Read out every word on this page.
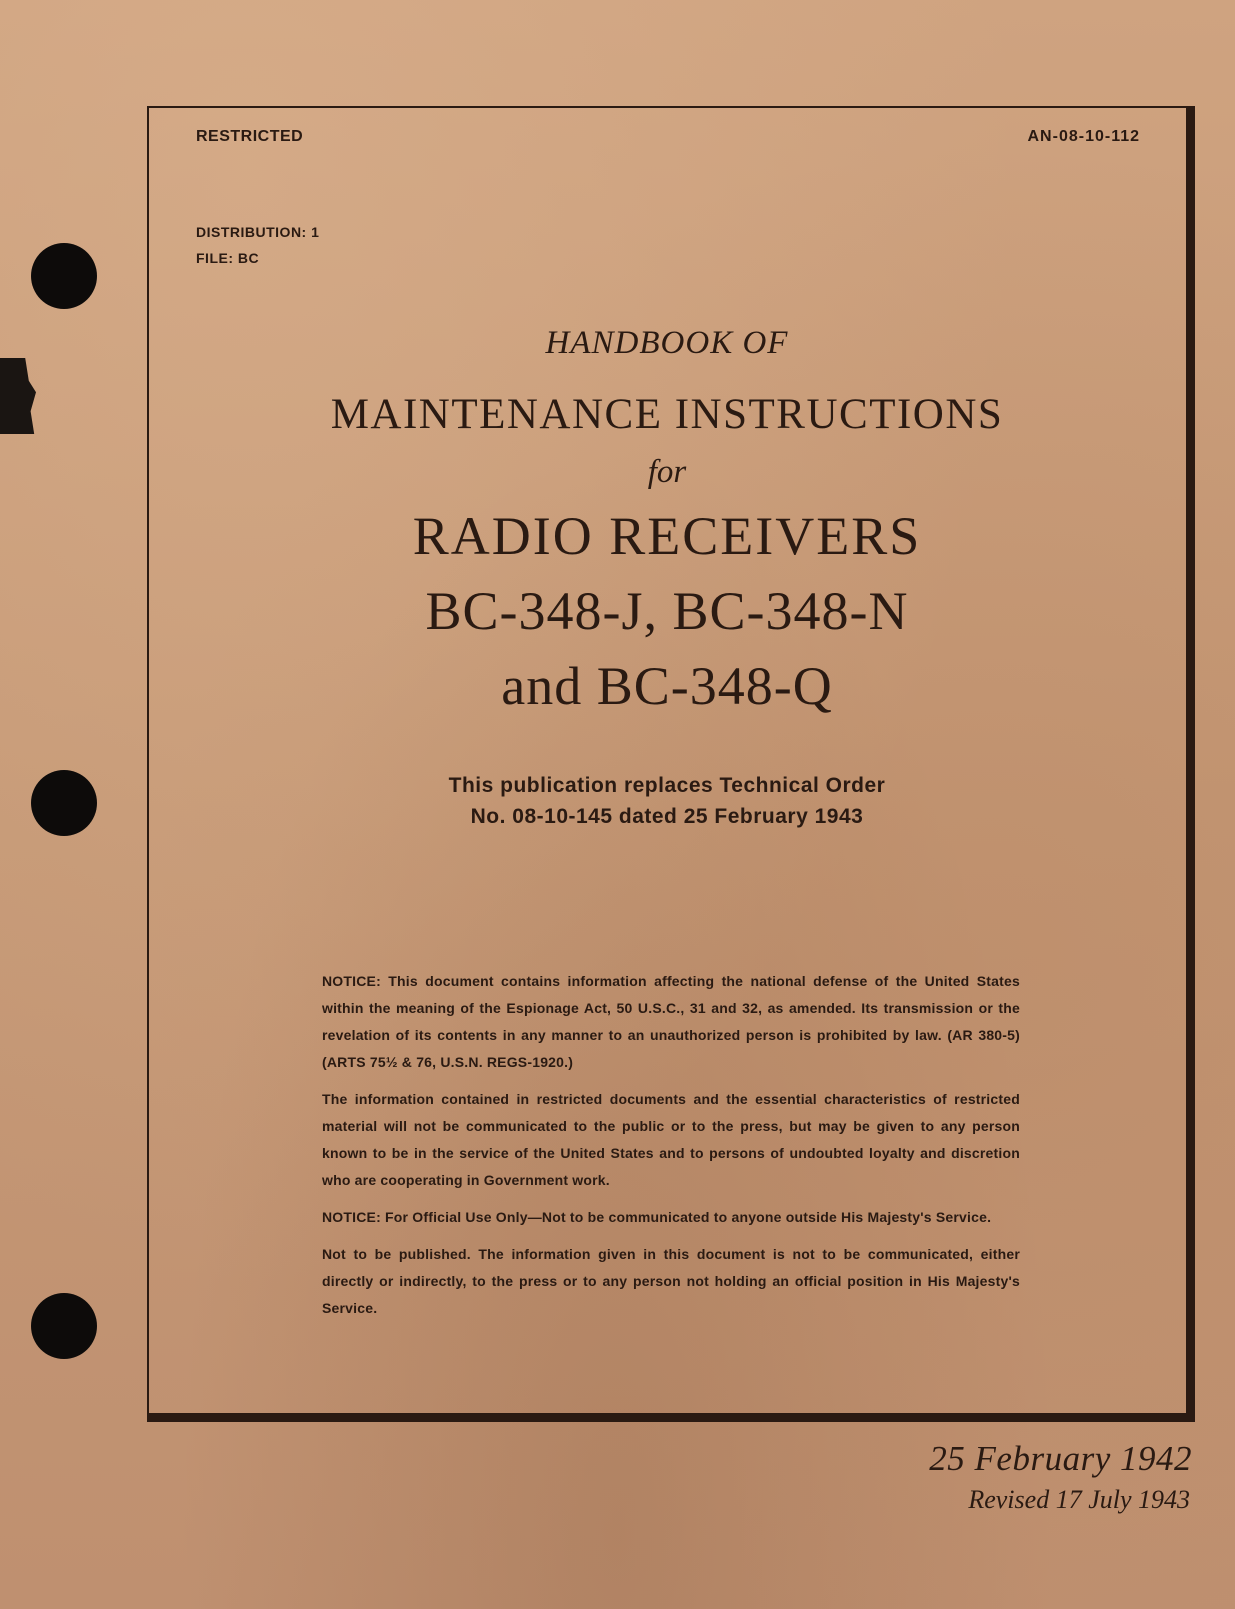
RESTRICTED	AN-08-10-112
DISTRIBUTION: 1
FILE: BC
HANDBOOK OF
MAINTENANCE INSTRUCTIONS
for
RADIO RECEIVERS
BC-348-J, BC-348-N
and BC-348-Q
This publication replaces Technical Order
No. 08-10-145 dated 25 February 1943

NOTICE: This document contains information affecting the national defense of the United States within the meaning of the Espionage Act, 50 U.S.C., 31 and 32, as amended. Its transmission or the revelation of its contents in any manner to an unauthorized person is prohibited by law. (AR 380-5) (ARTS 75½ & 76, U.S.N. REGS-1920.)

The information contained in restricted documents and the essential characteristics of restricted material will not be communicated to the public or to the press, but may be given to any person known to be in the service of the United States and to persons of undoubted loyalty and discretion who are cooperating in Government work.

NOTICE: For Official Use Only—Not to be communicated to anyone outside His Majesty's Service.

Not to be published. The information given in this document is not to be communicated, either directly or indirectly, to the press or to any person not holding an official position in His Majesty's Service.

25 February 1942
Revised 17 July 1943
